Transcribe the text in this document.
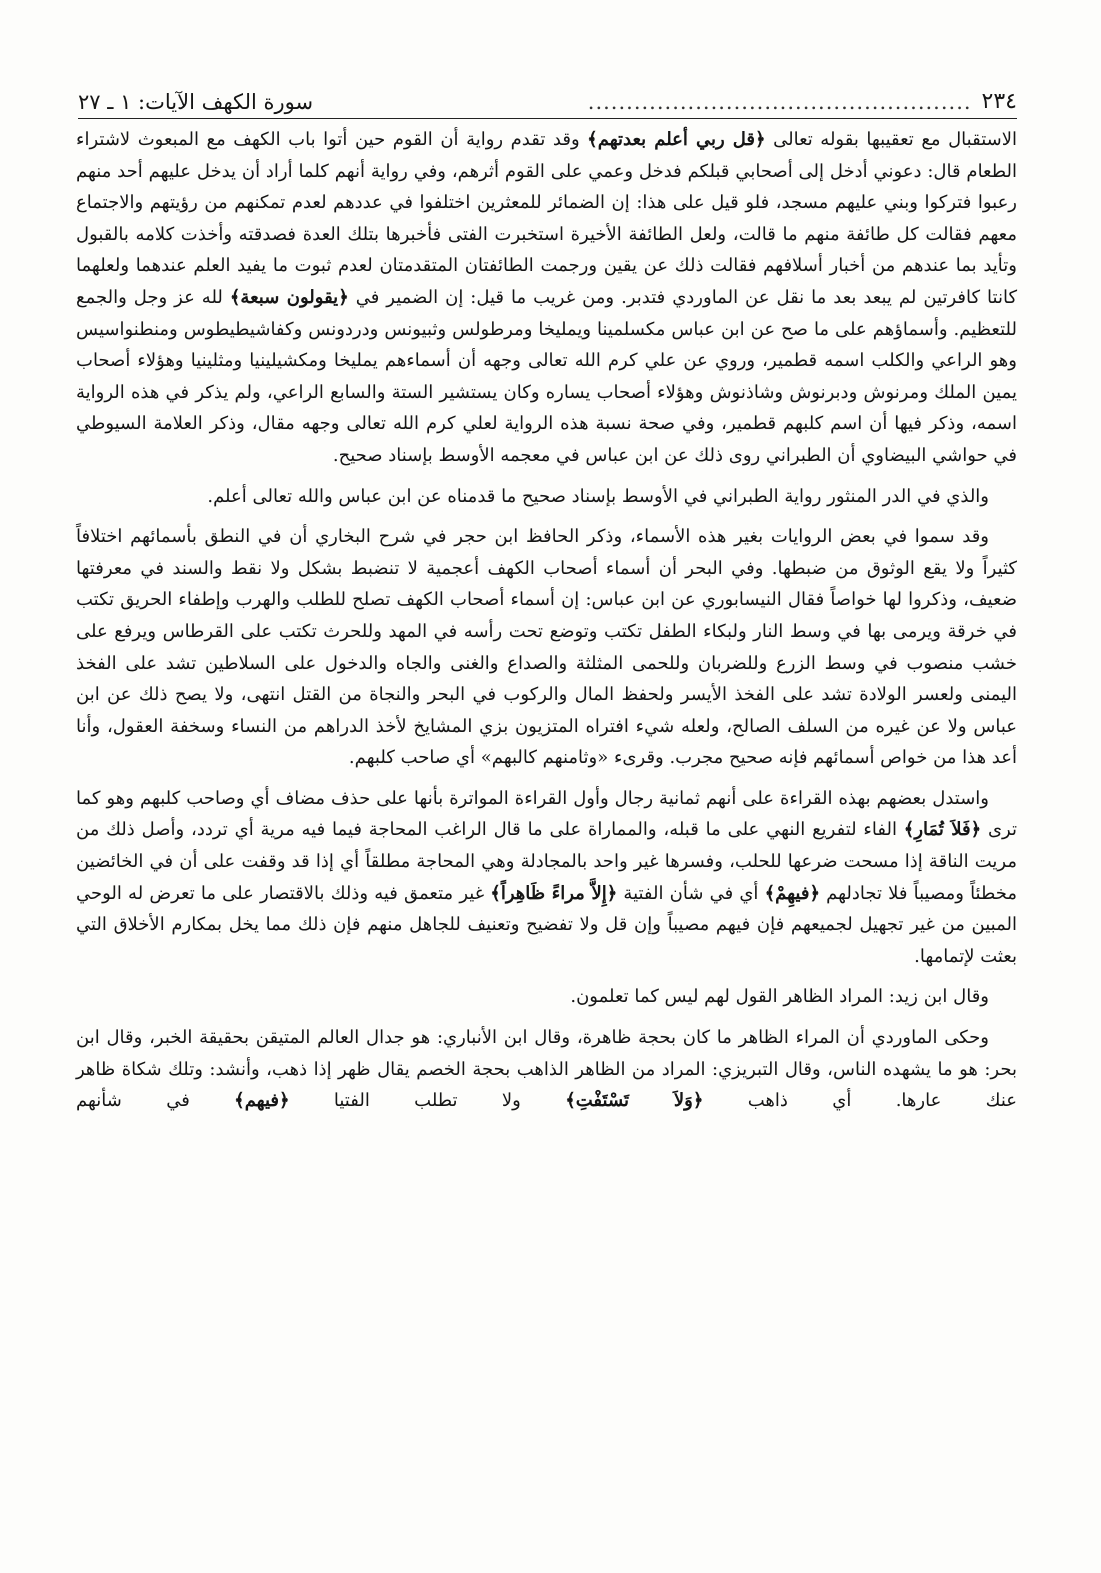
٢٣٤
..................................................
سورة الكهف الآيات: ١ ـ ٢٧

الاستقبال مع تعقيبها بقوله تعالى ﴿قل ربي أعلم بعدتهم﴾ وقد تقدم رواية أن القوم حين أتوا باب الكهف مع المبعوث لاشتراء الطعام قال: دعوني أدخل إلى أصحابي قبلكم فدخل وعمي على القوم أثرهم، وفي رواية أنهم كلما أراد أن يدخل عليهم أحد منهم رعبوا فتركوا وبني عليهم مسجد، فلو قيل على هذا: إن الضمائر للمعثرين اختلفوا في عددهم لعدم تمكنهم من رؤيتهم والاجتماع معهم فقالت كل طائفة منهم ما قالت، ولعل الطائفة الأخيرة استخبرت الفتى فأخبرها بتلك العدة فصدقته وأخذت كلامه بالقبول وتأيد بما عندهم من أخبار أسلافهم فقالت ذلك عن يقين ورجمت الطائفتان المتقدمتان لعدم ثبوت ما يفيد العلم عندهما ولعلهما كانتا كافرتين لم يبعد بعد ما نقل عن الماوردي فتدبر. ومن غريب ما قيل: إن الضمير في ﴿يقولون سبعة﴾ لله عز وجل والجمع للتعظيم. وأسماؤهم على ما صح عن ابن عباس مكسلمينا ويمليخا ومرطولس وثبيونس ودردونس وكفاشيطيطوس ومنطنواسيس وهو الراعي والكلب اسمه قطمير، وروي عن علي كرم الله تعالى وجهه أن أسماءهم يمليخا ومكشيلينيا ومثلينيا وهؤلاء أصحاب يمين الملك ومرنوش ودبرنوش وشاذنوش وهؤلاء أصحاب يساره وكان يستشير الستة والسابع الراعي، ولم يذكر في هذه الرواية اسمه، وذكر فيها أن اسم كلبهم قطمير، وفي صحة نسبة هذه الرواية لعلي كرم الله تعالى وجهه مقال، وذكر العلامة السيوطي في حواشي البيضاوي أن الطبراني روى ذلك عن ابن عباس في معجمه الأوسط بإسناد صحيح.

والذي في الدر المنثور رواية الطبراني في الأوسط بإسناد صحيح ما قدمناه عن ابن عباس والله تعالى أعلم.

وقد سموا في بعض الروايات بغير هذه الأسماء، وذكر الحافظ ابن حجر في شرح البخاري أن في النطق بأسمائهم اختلافاً كثيراً ولا يقع الوثوق من ضبطها. وفي البحر أن أسماء أصحاب الكهف أعجمية لا تنضبط بشكل ولا نقط والسند في معرفتها ضعيف، وذكروا لها خواصاً فقال النيسابوري عن ابن عباس: إن أسماء أصحاب الكهف تصلح للطلب والهرب وإطفاء الحريق تكتب في خرقة ويرمى بها في وسط النار ولبكاء الطفل تكتب وتوضع تحت رأسه في المهد وللحرث تكتب على القرطاس ويرفع على خشب منصوب في وسط الزرع وللضربان وللحمى المثلثة والصداع والغنى والجاه والدخول على السلاطين تشد على الفخذ اليمنى ولعسر الولادة تشد على الفخذ الأيسر ولحفظ المال والركوب في البحر والنجاة من القتل انتهى، ولا يصح ذلك عن ابن عباس ولا عن غيره من السلف الصالح، ولعله شيء افتراه المتزيون بزي المشايخ لأخذ الدراهم من النساء وسخفة العقول، وأنا أعد هذا من خواص أسمائهم فإنه صحيح مجرب. وقرىء «وثامنهم كالبهم» أي صاحب كلبهم.

واستدل بعضهم بهذه القراءة على أنهم ثمانية رجال وأول القراءة المواترة بأنها على حذف مضاف أي وصاحب كلبهم وهو كما ترى ﴿فَلاَ تُمَارِ﴾ الفاء لتفريع النهي على ما قبله، والمماراة على ما قال الراغب المحاجة فيما فيه مرية أي تردد، وأصل ذلك من مريت الناقة إذا مسحت ضرعها للحلب، وفسرها غير واحد بالمجادلة وهي المحاجة مطلقاً أي إذا قد وقفت على أن في الخائضين مخطئاً ومصيباً فلا تجادلهم ﴿فيهِمْ﴾ أي في شأن الفتية ﴿إِلاَّ مراءً ظَاهِراً﴾ غير متعمق فيه وذلك بالاقتصار على ما تعرض له الوحي المبين من غير تجهيل لجميعهم فإن فيهم مصيباً وإن قل ولا تفضيح وتعنيف للجاهل منهم فإن ذلك مما يخل بمكارم الأخلاق التي بعثت لإتمامها.

وقال ابن زيد: المراد الظاهر القول لهم ليس كما تعلمون.

وحكى الماوردي أن المراء الظاهر ما كان بحجة ظاهرة، وقال ابن الأنباري: هو جدال العالم المتيقن بحقيقة الخبر، وقال ابن بحر: هو ما يشهده الناس، وقال التبريزي: المراد من الظاهر الذاهب بحجة الخصم يقال ظهر إذا ذهب، وأنشد: وتلك شكاة ظاهر عنك عارها. أي ذاهب ﴿وَلاَ تَسْتَفْتِ﴾ ولا تطلب الفتيا ﴿فيهم﴾ في شأنهم
